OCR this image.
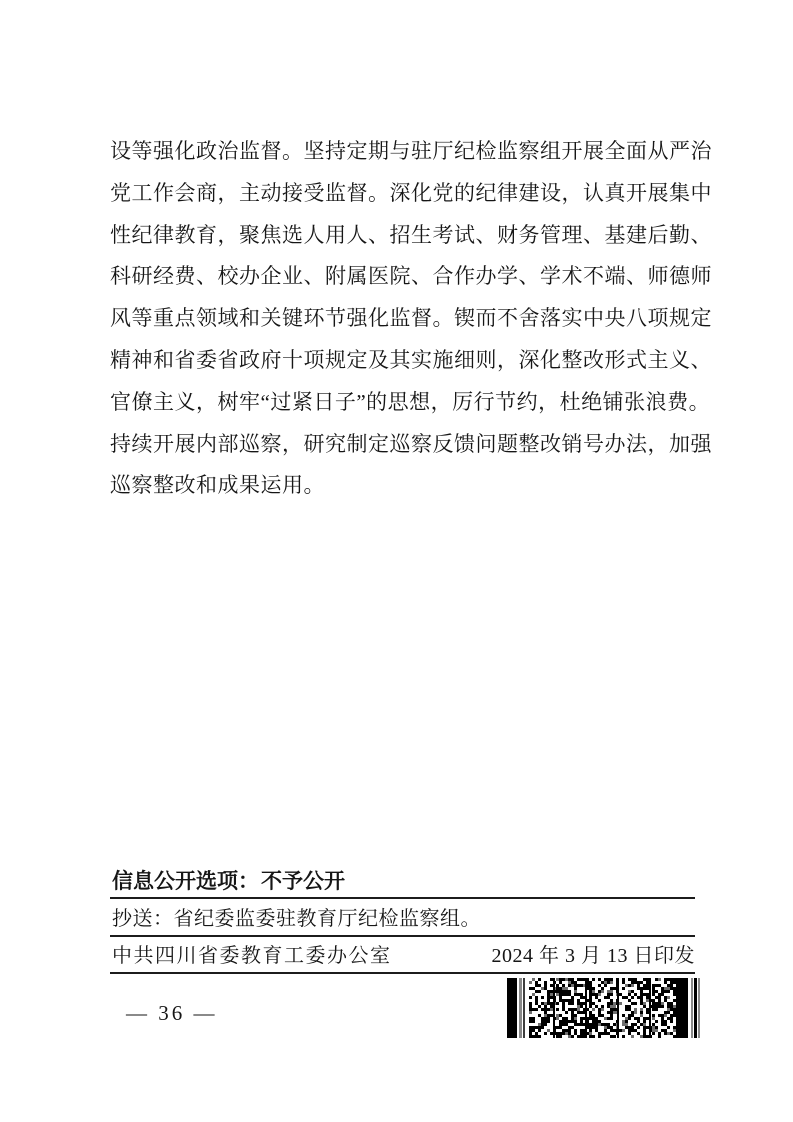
设等强化政治监督。坚持定期与驻厅纪检监察组开展全面从严治
党工作会商，主动接受监督。深化党的纪律建设，认真开展集中
性纪律教育，聚焦选人用人、招生考试、财务管理、基建后勤、
科研经费、校办企业、附属医院、合作办学、学术不端、师德师
风等重点领域和关键环节强化监督。锲而不舍落实中央八项规定
精神和省委省政府十项规定及其实施细则，深化整改形式主义、
官僚主义，树牢“过紧日子”的思想，厉行节约，杜绝铺张浪费。
持续开展内部巡察，研究制定巡察反馈问题整改销号办法，加强
巡察整改和成果运用。
信息公开选项：不予公开
抄送：省纪委监委驻教育厅纪检监察组。
中共四川省委教育工委办公室	2024 年 3 月 13 日印发
— 36 —
